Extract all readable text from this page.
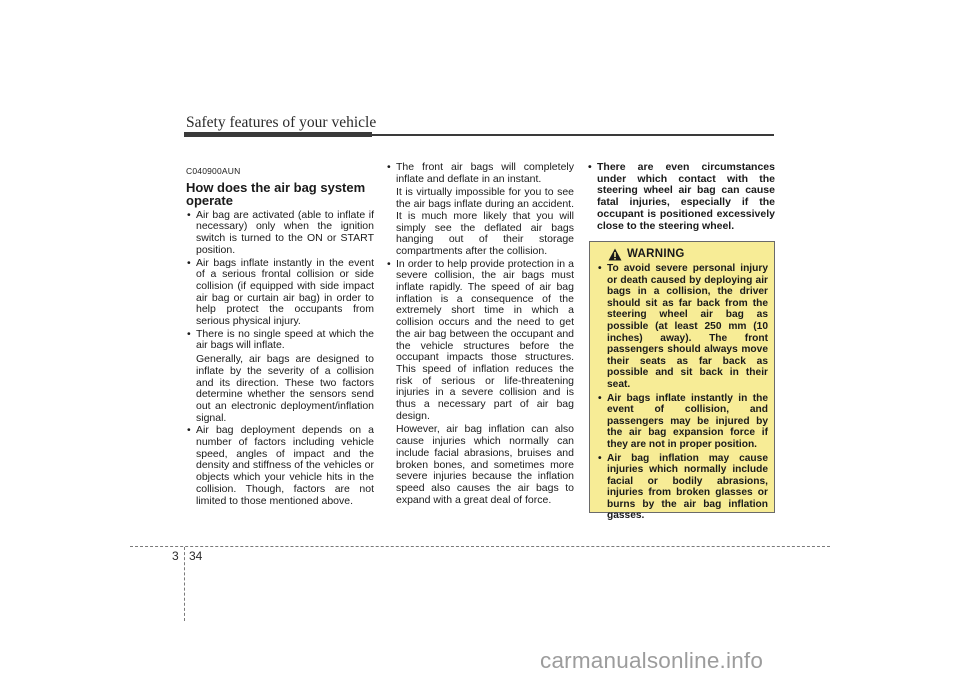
Safety features of your vehicle
C040900AUN
How does the air bag system operate
• Air bag are activated (able to inflate if necessary) only when the ignition switch is turned to the ON or START position.
• Air bags inflate instantly in the event of a serious frontal collision or side collision (if equipped with side impact air bag or curtain air bag) in order to help protect the occupants from serious physical injury.
• There is no single speed at which the air bags will inflate.
Generally, air bags are designed to inflate by the severity of a collision and its direction. These two factors determine whether the sensors send out an electronic deployment/inflation signal.
• Air bag deployment depends on a number of factors including vehicle speed, angles of impact and the density and stiffness of the vehicles or objects which your vehicle hits in the collision. Though, factors are not limited to those mentioned above.
• The front air bags will completely inflate and deflate in an instant.
It is virtually impossible for you to see the air bags inflate during an accident. It is much more likely that you will simply see the deflated air bags hanging out of their storage compartments after the collision.
• In order to help provide protection in a severe collision, the air bags must inflate rapidly. The speed of air bag inflation is a consequence of the extremely short time in which a collision occurs and the need to get the air bag between the occupant and the vehicle structures before the occupant impacts those structures. This speed of inflation reduces the risk of serious or life-threatening injuries in a severe collision and is thus a necessary part of air bag design.
However, air bag inflation can also cause injuries which normally can include facial abrasions, bruises and broken bones, and sometimes more severe injuries because the inflation speed also causes the air bags to expand with a great deal of force.
• There are even circumstances under which contact with the steering wheel air bag can cause fatal injuries, especially if the occupant is positioned excessively close to the steering wheel.
WARNING
• To avoid severe personal injury or death caused by deploying air bags in a collision, the driver should sit as far back from the steering wheel air bag as possible (at least 250 mm (10 inches) away). The front passengers should always move their seats as far back as possible and sit back in their seat.
• Air bags inflate instantly in the event of collision, and passengers may be injured by the air bag expansion force if they are not in proper position.
• Air bag inflation may cause injuries which normally include facial or bodily abrasions, injuries from broken glasses or burns by the air bag inflation gasses.
3 34
carmanualsonline.info
